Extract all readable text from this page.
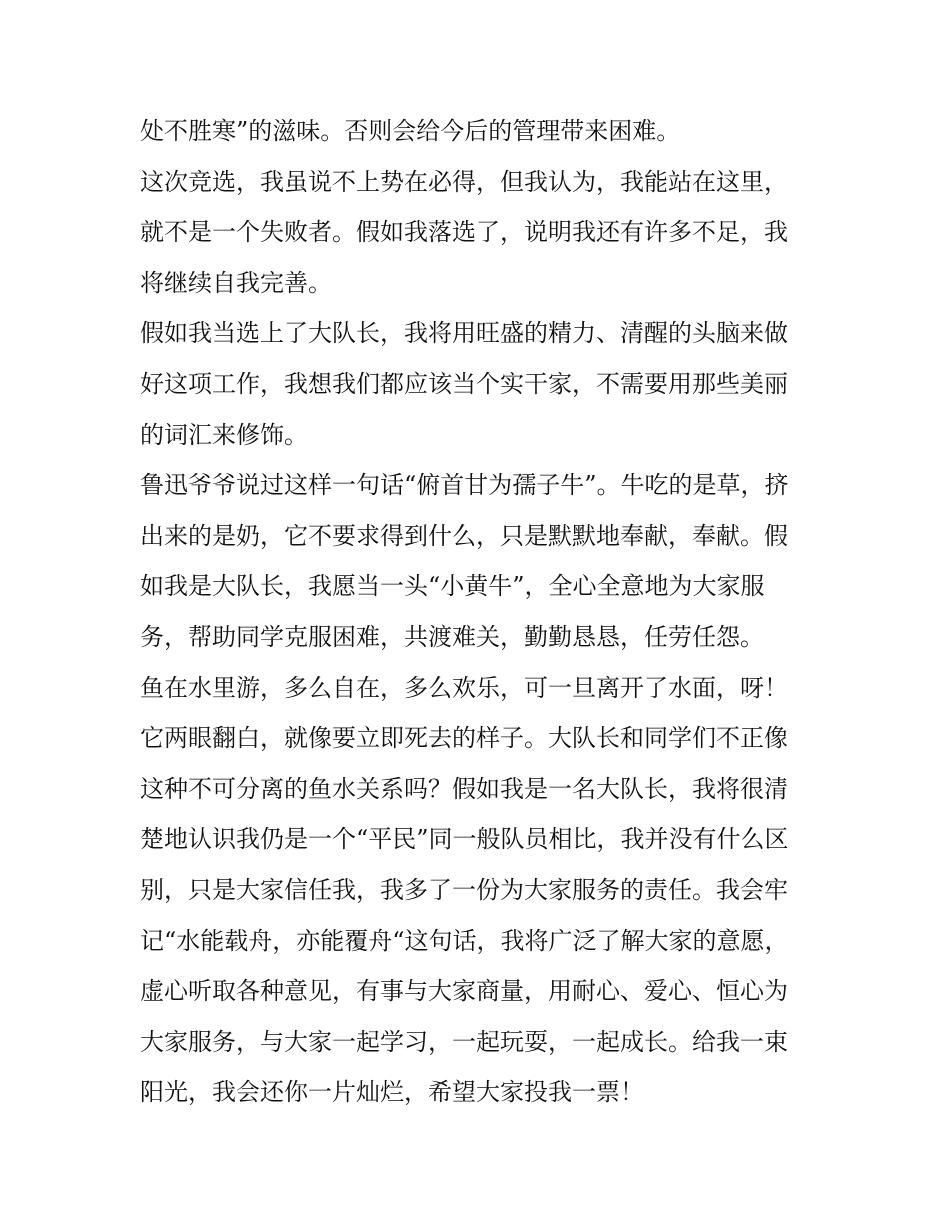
处不胜寒”的滋味。否则会给今后的管理带来困难。
这次竞选，我虽说不上势在必得，但我认为，我能站在这里，
就不是一个失败者。假如我落选了，说明我还有许多不足，我
将继续自我完善。
假如我当选上了大队长，我将用旺盛的精力、清醒的头脑来做
好这项工作，我想我们都应该当个实干家，不需要用那些美丽
的词汇来修饰。
鲁迅爷爷说过这样一句话“俯首甘为孺子牛”。牛吃的是草，挤
出来的是奶，它不要求得到什么，只是默默地奉献，奉献。假
如我是大队长，我愿当一头“小黄牛”，全心全意地为大家服
务，帮助同学克服困难，共渡难关，勤勤恳恳，任劳任怨。
鱼在水里游，多么自在，多么欢乐，可一旦离开了水面，呀！
它两眼翻白，就像要立即死去的样子。大队长和同学们不正像
这种不可分离的鱼水关系吗？假如我是一名大队长，我将很清
楚地认识我仍是一个“平民”同一般队员相比，我并没有什么区
别，只是大家信任我，我多了一份为大家服务的责任。我会牢
记“水能载舟，亦能覆舟“这句话，我将广泛了解大家的意愿，
虚心听取各种意见，有事与大家商量，用耐心、爱心、恒心为
大家服务，与大家一起学习，一起玩耍，一起成长。给我一束
阳光，我会还你一片灿烂，希望大家投我一票！
